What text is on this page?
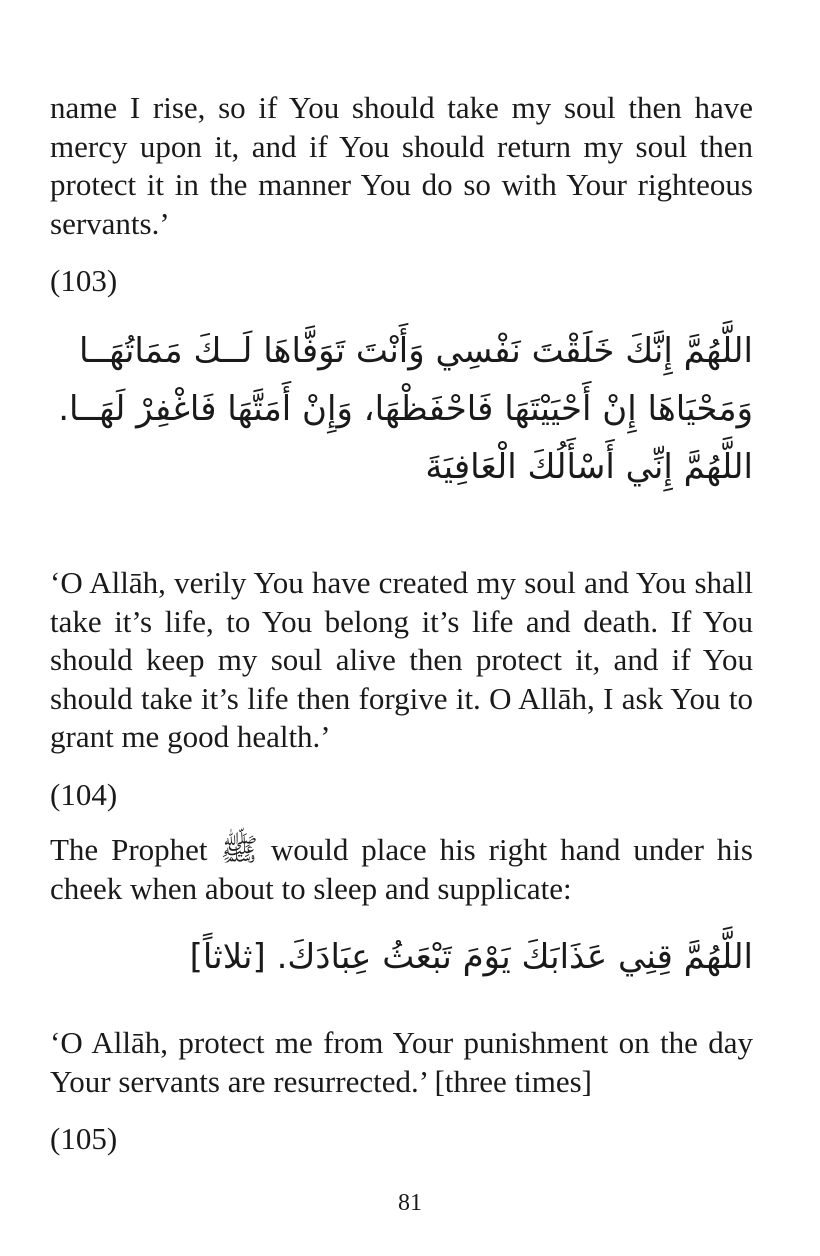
name I rise, so if You should take my soul then have mercy upon it, and if You should return my soul then protect it in the manner You do so with Your righteous servants.’

(103)

اللَّهُمَّ إِنَّكَ خَلَقْتَ نَفْسِي وَأَنْتَ تَوَفَّاهَا لَــكَ مَمَاتُهَــا
وَمَحْيَاهَا إِنْ أَحْيَيْتَهَا فَاحْفَظْهَا، وَإِنْ أَمَتَّهَا فَاغْفِرْ لَهَــا.
اللَّهُمَّ إِنِّي أَسْأَلُكَ الْعَافِيَةَ

‘O Allāh, verily You have created my soul and You shall take it’s life, to You belong it’s life and death. If You should keep my soul alive then protect it, and if You should take it’s life then forgive it. O Allāh, I ask You to grant me good health.’

(104)

The Prophet ﷺ would place his right hand under his cheek when about to sleep and supplicate:

اللَّهُمَّ قِنِي عَذَابَكَ يَوْمَ تَبْعَثُ عِبَادَكَ. [ثلاثاً]

‘O Allāh, protect me from Your punishment on the day Your servants are resurrected.’ [three times]

(105)

81
